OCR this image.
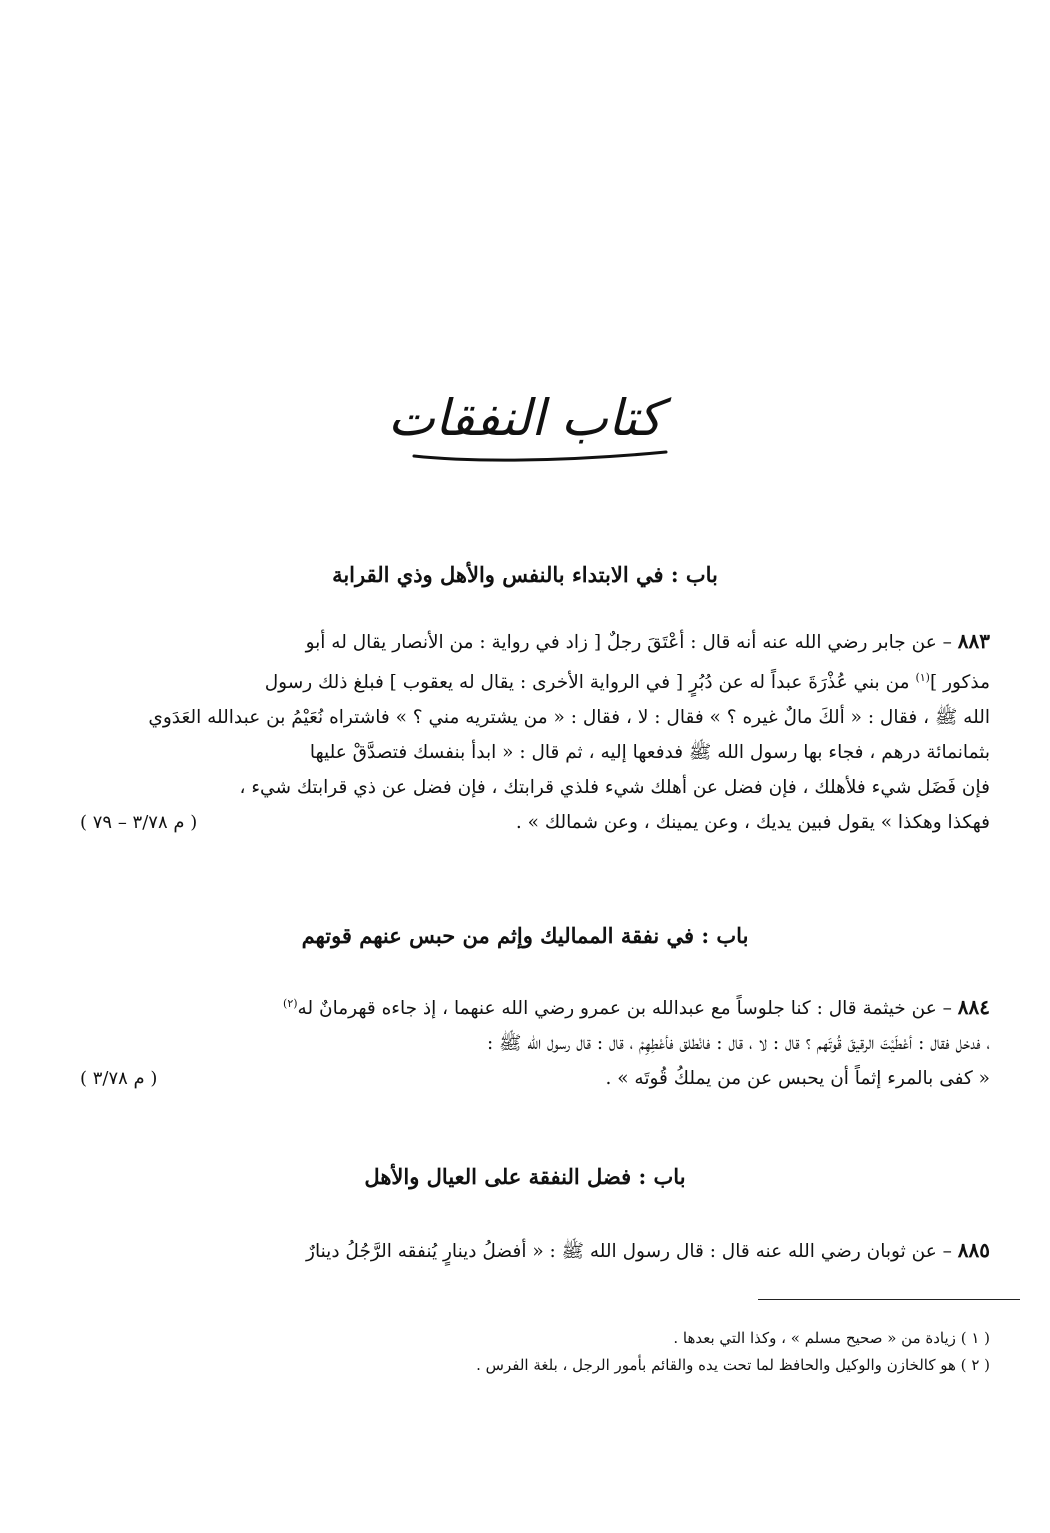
كتاب النفقات
باب : في الابتداء بالنفس والأهل وذي القرابة

٨٨٣ – عن جابر رضي الله عنه أنه قال : أعْتَقَ رجلٌ [ زاد في رواية : من الأنصار يقال له أبو

مذكور ]$^{(١)}$ من بني عُذْرَةَ عبداً له عن دُبُرٍ [ في الرواية الأخرى : يقال له يعقوب ] فبلغ ذلك رسول

الله ﷺ ، فقال : « ألكَ مالٌ غيره ؟ » فقال : لا ، فقال : « من يشتريه مني ؟ » فاشتراه نُعَيْمُ بن عبدالله العَدَوي

بثمانمائة درهم ، فجاء بها رسول الله ﷺ فدفعها إليه ، ثم قال : « ابدأ بنفسك فتصدَّقْ عليها

فإن فَضَل شيء فلأهلك ، فإن فضل عن أهلك شيء فلذي قرابتك ، فإن فضل عن ذي قرابتك شيء ،

فهكذا وهكذا » يقول فبين يديك ، وعن يمينك ، وعن شمالك » .
( م ٣/٧٨ – ٧٩ )

باب : في نفقة المماليك وإثم من حبس عنهم قوتهم

٨٨٤ – عن خيثمة قال : كنا جلوساً مع عبدالله بن عمرو رضي الله عنهما ، إذ جاءه قهرمانٌ له$^{(٢)}$

، فدخل فقال : أعْطَيْتَ الرقيقَ قُوتَهم ؟ قال : لا ، قال : فانْطلق فأعْطِهِمْ ، قال : قال رسول الله ﷺ :

« كفى بالمرء إثماً أن يحبس عن من يملكُ قُوتَه » .
( م ٣/٧٨ )

باب : فضل النفقة على العيال والأهل

٨٨٥ – عن ثوبان رضي الله عنه قال : قال رسول الله ﷺ : « أفضلُ دينارٍ يُنفقه الرَّجُلُ دينارٌ

( ١ ) زيادة من « صحيح مسلم » ، وكذا التي بعدها .
( ٢ ) هو كالخازن والوكيل والحافظ لما تحت يده والقائم بأمور الرجل ، بلغة الفرس .
